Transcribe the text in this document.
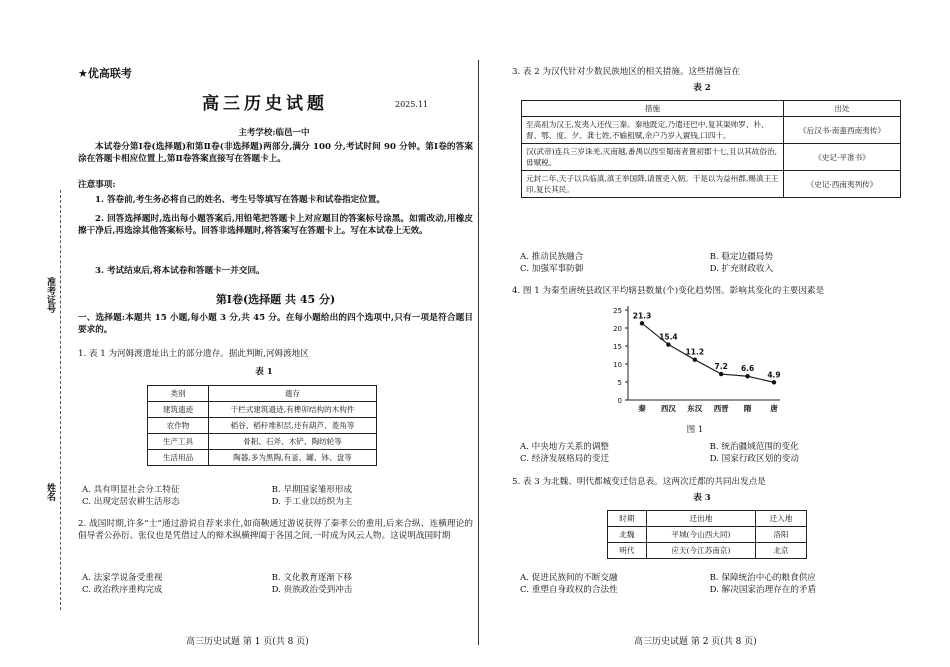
准考证号
姓名
★优高联考
高三历史试题	2025.11
主考学校:临邑一中
本试卷分第Ⅰ卷(选择题)和第Ⅱ卷(非选择题)两部分,满分 100 分,考试时间 90 分钟。第Ⅰ卷的答案涂在答题卡相应位置上,第Ⅱ卷答案直接写在答题卡上。
注意事项:
1. 答卷前,考生务必将自己的姓名、考生号等填写在答题卡和试卷指定位置。
2. 回答选择题时,选出每小题答案后,用铅笔把答题卡上对应题目的答案标号涂黑。如需改动,用橡皮擦干净后,再选涂其他答案标号。回答非选择题时,将答案写在答题卡上。写在本试卷上无效。
3. 考试结束后,将本试卷和答题卡一并交回。
第Ⅰ卷(选择题 共 45 分)
一、选择题:本题共 15 小题,每小题 3 分,共 45 分。在每小题给出的四个选项中,只有一项是符合题目要求的。
1. 表 1 为河姆渡遗址出土的部分遗存。据此判断,河姆渡地区
表 1
类别	遗存
建筑遗迹	干栏式建筑遗迹,有榫卯结构的木构件
农作物	稻谷、稻秆堆积层,还有葫芦、菱角等
生产工具	骨耜、石斧、木铲、陶纺轮等
生活用品	陶器,多为黑陶,有釜、罐、钵、盘等
A. 具有明显社会分工特征	B. 早期国家雏形形成 C. 出现定居农耕生活形态	D. 手工业以纺织为主
2. 战国时期,许多“士”通过游说自荐来求仕,如商鞅通过游说获得了秦孝公的重用,后来合纵、连横理论的倡导者公孙衍、张仪也是凭借过人的辩术纵横捭阖于各国之间,一时成为风云人物。这说明战国时期
A. 法家学说备受重视	B. 文化教育逐渐下移 C. 政治秩序重构完成	D. 贵族政治受到冲击
高三历史试题 第 1 页(共 8 页)
3. 表 2 为汉代针对少数民族地区的相关措施。这些措施旨在
表 2
措施	出处
至高祖为汉王,发夷人还伐三秦。秦地既定,乃遣还巴中,复其渠帅罗、朴、督、鄂、度、夕、龚七姓,不输租赋,余户乃岁入賨钱,口四十。	《后汉书·南蛮西南夷传》
汉(武帝)连兵三岁诛羌,灭南越,番禺以西至蜀南者置初郡十七,且以其故俗治,毋赋税。	《史记·平准书》
元封二年,天子以兵临滇,滇王举国降,请置吏入朝。于是以为益州郡,赐滇王王印,复长其民。	《史记·西南夷列传》
A. 推动民族融合	B. 稳定边疆局势 C. 加强军事防御	D. 扩充财政收入
4. 图 1 为秦至唐统县政区平均辖县数量(个)变化趋势图。影响其变化的主要因素是
0
5
10
15
20
25
秦 西汉 东汉 西晋 隋	唐
21.3
15.4
11.2
7.2 6.6
4.9
图 1
A. 中央地方关系的调整	B. 统治疆域范围的变化 C. 经济发展格局的变迁	D. 国家行政区划的变动
5. 表 3 为北魏、明代都城变迁信息表。这两次迁都的共同出发点是
表 3
时期	迁出地	迁入地
北魏	平城(今山西大同)	洛阳
明代	应天(今江苏南京)	北京
A. 促进民族间的不断交融	B. 保障统治中心的粮食供应 C. 重塑自身政权的合法性	D. 解决国家治理存在的矛盾
高三历史试题 第 2 页(共 8 页)
